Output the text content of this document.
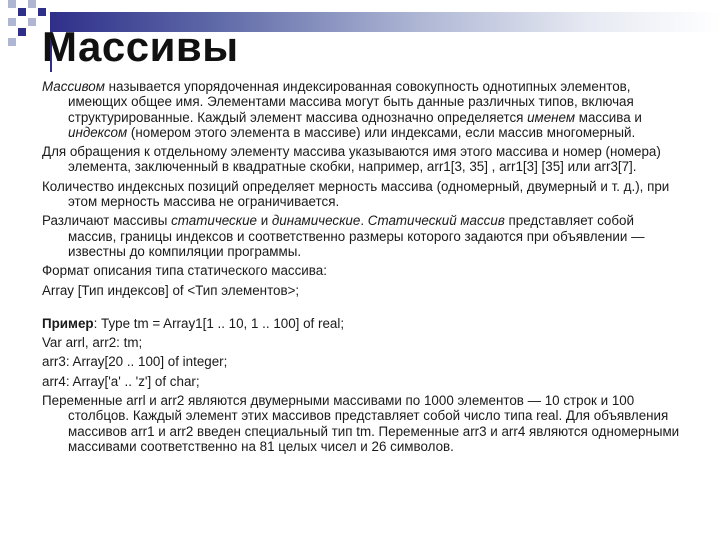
Массивы
Массивом называется упорядоченная индексированная совокупность однотипных элементов, имеющих общее имя. Элементами массива могут быть данные различных типов, включая структурированные. Каждый элемент массива однозначно определяется именем массива и индексом (номером этого элемента в массиве) или индексами, если массив многомерный.
Для обращения к отдельному элементу массива указываются имя этого массива и номер (номера) элемента, заключенный в квадратные скобки, например, arr1[3, 35] , arr1[3] [35] или arr3[7].
Количество индексных позиций определяет мерность массива (одномерный, двумерный и т. д.), при этом мерность массива не ограничивается.
Различают массивы статические и динамические. Статический массив представляет собой массив, границы индексов и соответственно размеры которого задаются при объявлении — известны до компиляции программы.
Формат описания типа статического массива:
Array [Тип индексов] of <Тип элементов>;
Пример: Type tm = Array1[1 .. 10, 1 .. 100] of real;
Var arrl, arr2: tm;
arr3: Array[20 .. 100] of integer;
arr4: Array['a' .. 'z'] of char;
Переменные arrl и arr2 являются двумерными массивами по 1000 элементов — 10 строк и 100 столбцов. Каждый элемент этих массивов представляет собой число типа real. Для объявления массивов arr1 и arr2 введен специальный тип tm. Переменные arr3 и arr4 являются одномерными массивами соответственно на 81 целых чисел и 26 символов.
